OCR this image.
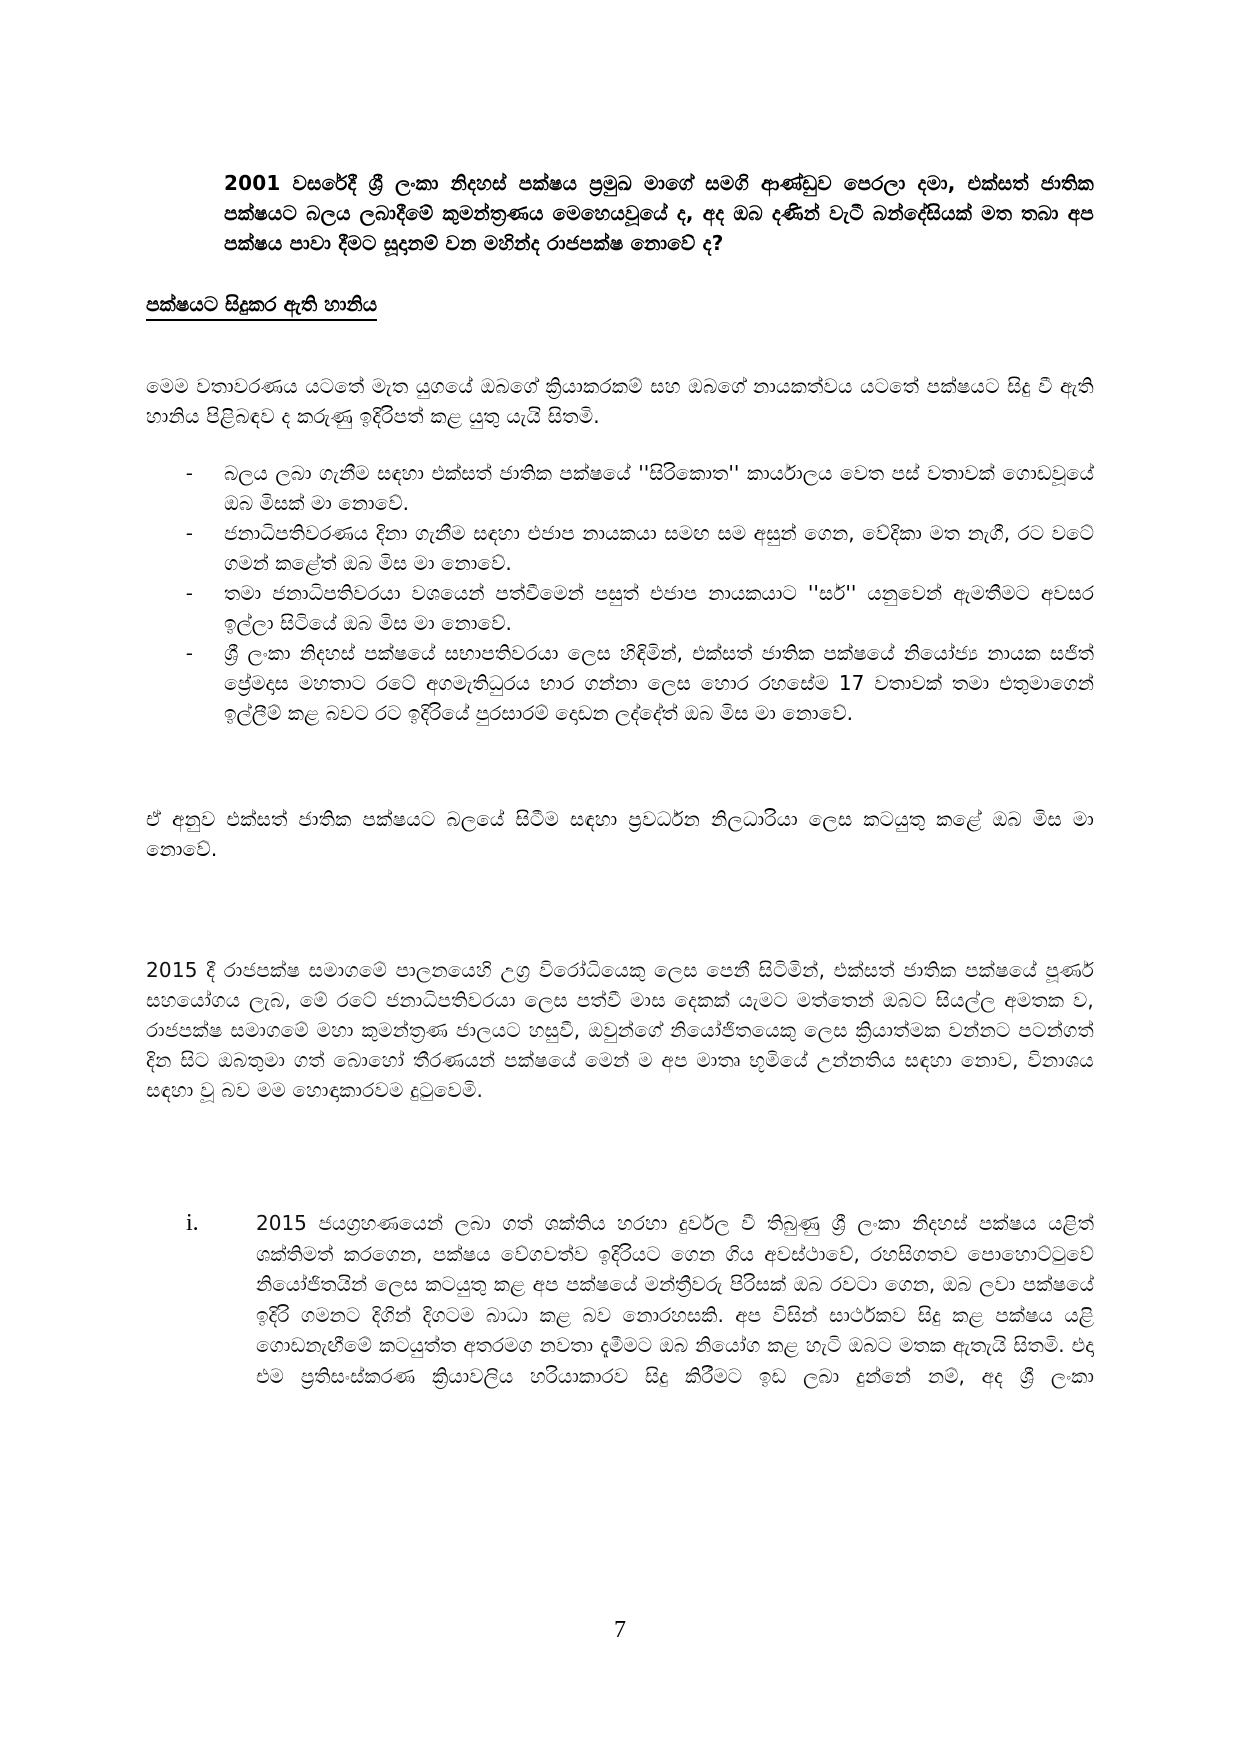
2001 වසරේදී ශ්‍රී ලංකා නිදහස් පක්ෂය ප්‍රමුඛ මාගේ සමගි ආණ්ඩුව පෙරලා දමා, එක්සත් ජාතික පක්ෂයට බලය ලබාදීමේ කුමන්ත්‍රණය මෙහෙයවූයේ ද, අද ඔබ දණින් වැටී බන්දේසියක් මත තබා අප පක්ෂය පාවා දීමට සූදානම් වන මහින්ද රාජපක්ෂ නොවේ ද?

පක්ෂයට සිදුකර ඇති හානිය

මෙම වතාවරණය යටතේ මැත යුගයේ ඔබගේ ක්‍රියාකරකම් සහ ඔබගේ නායකත්වය යටතේ පක්ෂයට සිදු වී ඇති හානිය පිළිබඳව ද කරුණු ඉදිරිපත් කළ යුතු යැයි සිතමි.

-	බලය ලබා ගැනීම සඳහා එක්සත් ජාතික පක්ෂයේ ''සිරිකොත'' කාර්යාලය වෙත පස් වතාවක් ගොඩවූයේ ඔබ මිසක් මා නොවේ.
-	ජනාධිපතිවරණය දිනා ගැනීම සඳහා එජාප නායකයා සමඟ සම අසුන් ගෙන, වේදිකා මත නැගී, රට වටේ ගමන් කළේත් ඔබ මිස මා නොවේ.
-	තමා ජනාධිපතිවරයා වශයෙන් පත්වීමෙන් පසුත් එජාප නායකයාට ''සර්'' යනුවෙන් ඇමතීමට අවසර ඉල්ලා සිටියේ ඔබ මිස මා නොවේ.
-	ශ්‍රී ලංකා නිදහස් පක්ෂයේ සභාපතිවරයා ලෙස හිඳිමින්, එක්සත් ජාතික පක්ෂයේ නියෝජ්‍ය නායක සජිත් ප්‍රේමදාස මහතාට රටේ අගමැතිධුරය භාර ගන්නා ලෙස හොර රහසේම 17 වතාවක් තමා එතුමාගෙන් ඉල්ලීම් කළ බවට රට ඉදිරියේ පුරසාරම් දොඩන ලද්දේත් ඔබ මිස මා නොවේ.

ඒ අනුව එක්සත් ජාතික පක්ෂයට බලයේ සිටීම සඳහා ප්‍රවර්ධන නිලධාරියා ලෙස කටයුතු කළේ ඔබ මිස මා නොවේ.

2015 දී රාජපක්ෂ සමාගමේ පාලනයෙහි උග්‍ර විරෝධියෙකු ලෙස පෙනී සිටිමින්, එක්සත් ජාතික පක්ෂයේ පූර්ණ සහයෝගය ලැබ, මේ රටේ ජනාධිපතිවරයා ලෙස පත්වී මාස දෙකක් යැමට මත්තෙන් ඔබට සියල්ල අමතක ව, රාජපක්ෂ සමාගමේ මහා කුමන්ත්‍රණ ජාලයට හසුවී, ඔවුන්ගේ නියෝජිතයෙකු ලෙස ක්‍රියාත්මක වන්නට පටන්ගත් දින සිට ඔබතුමා ගත් බොහෝ තීරණයන් පක්ෂයේ මෙන් ම අප මාතෘ භූමියේ උන්නතිය සඳහා නොව, විනාශය සඳහා වූ බව මම හොඳාකාරවම දුටුවෙමි.

i.	2015 ජයග්‍රහණයෙන් ලබා ගත් ශක්තිය හරහා දුර්වල වී තිබුණු ශ්‍රී ලංකා නිදහස් පක්ෂය යළිත් ශක්තිමත් කරගෙන, පක්ෂය වේගවත්ව ඉදිරියට ගෙන ගිය අවස්ථාවේ, රහසිගතව පොහොට්ටුවේ නියෝජිතයින් ලෙස කටයුතු කළ අප පක්ෂයේ මන්ත්‍රීවරු පිරිසක් ඔබ රවටා ගෙන, ඔබ ලවා පක්ෂයේ ඉදිරි ගමනට දිගින් දිගටම බාධා කළ බව නොරහසකි. අප විසින් සාර්ථකව සිදු කළ පක්ෂය යළි ගොඩනැඟීමේ කටයුත්ත අතරමග නවතා දැමීමට ඔබ නියෝග කළ හැටි ඔබට මතක ඇතැයි සිතමි. එදා එම ප්‍රතිසංස්කරණ ක්‍රියාවලිය හරියාකාරව සිදු කිරීමට ඉඩ ලබා දුන්නේ නම්, අද ශ්‍රී ලංකා

7
